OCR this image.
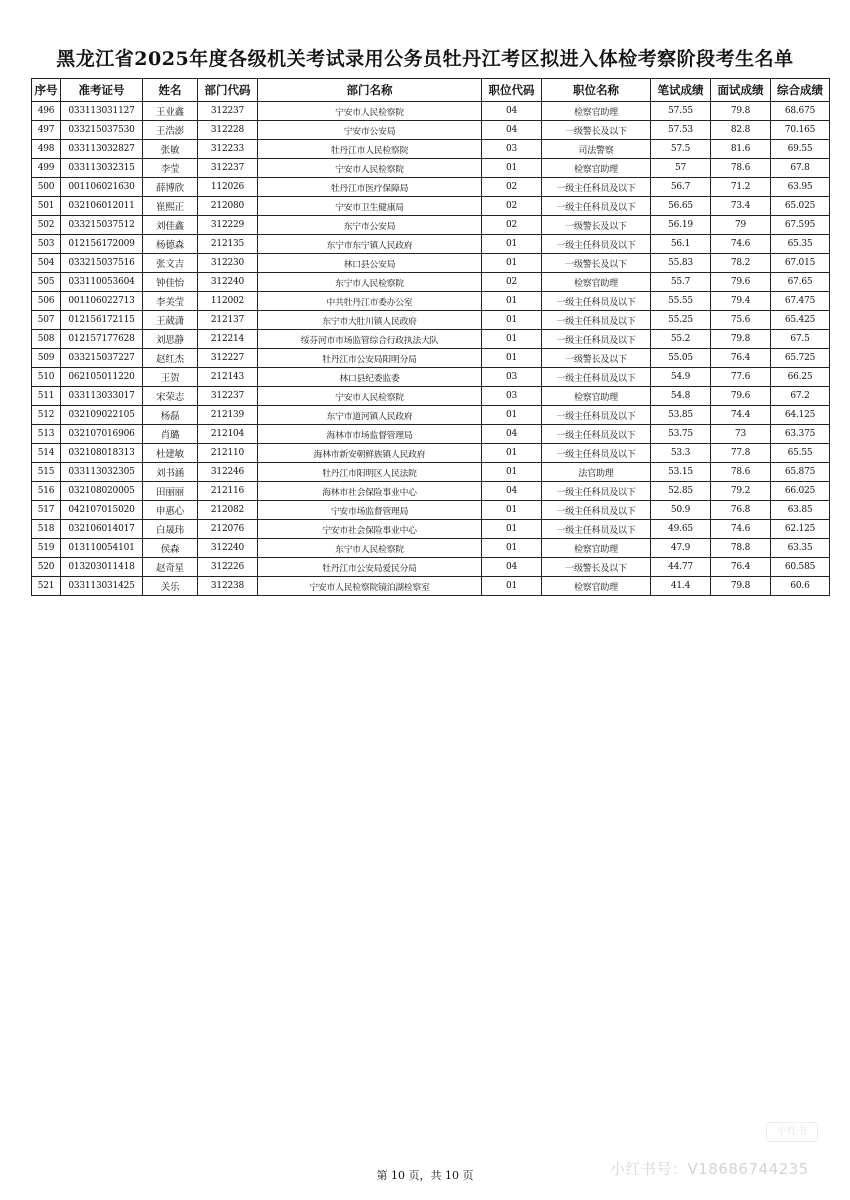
黑龙江省2025年度各级机关考试录用公务员牡丹江考区拟进入体检考察阶段考生名单
序号	准考证号	姓名	部门代码	部门名称	职位代码	职位名称	笔试成绩	面试成绩	综合成绩
496	033113031127	王业鑫	312237	宁安市人民检察院	04	检察官助理	57.55	79.8	68.675
497	033215037530	王浩澎	312228	宁安市公安局	04	一级警长及以下	57.53	82.8	70.165
498	033113032827	张敏	312233	牡丹江市人民检察院	03	司法警察	57.5	81.6	69.55
499	033113032315	李莹	312237	宁安市人民检察院	01	检察官助理	57	78.6	67.8
500	001106021630	薛博欣	112026	牡丹江市医疗保障局	02	一级主任科员及以下	56.7	71.2	63.95
501	032106012011	崔熙正	212080	宁安市卫生健康局	02	一级主任科员及以下	56.65	73.4	65.025
502	033215037512	刘佳鑫	312229	东宁市公安局	02	一级警长及以下	56.19	79	67.595
503	012156172009	杨德森	212135	东宁市东宁镇人民政府	01	一级主任科员及以下	56.1	74.6	65.35
504	033215037516	张文吉	312230	林口县公安局	01	一级警长及以下	55.83	78.2	67.015
505	033110053604	钟佳怡	312240	东宁市人民检察院	02	检察官助理	55.7	79.6	67.65
506	001106022713	李美莹	112002	中共牡丹江市委办公室	01	一级主任科员及以下	55.55	79.4	67.475
507	012156172115	王葳潇	212137	东宁市大肚川镇人民政府	01	一级主任科员及以下	55.25	75.6	65.425
508	012157177628	刘思静	212214	绥芬河市市场监管综合行政执法大队	01	一级主任科员及以下	55.2	79.8	67.5
509	033215037227	赵红杰	312227	牡丹江市公安局阳明分局	01	一级警长及以下	55.05	76.4	65.725
510	062105011220	王贺	212143	林口县纪委监委	03	一级主任科员及以下	54.9	77.6	66.25
511	033113033017	宋荣志	312237	宁安市人民检察院	03	检察官助理	54.8	79.6	67.2
512	032109022105	杨磊	212139	东宁市道河镇人民政府	01	一级主任科员及以下	53.85	74.4	64.125
513	032107016906	肖璐	212104	海林市市场监督管理局	04	一级主任科员及以下	53.75	73	63.375
514	032108018313	杜建敏	212110	海林市新安朝鲜族镇人民政府	01	一级主任科员及以下	53.3	77.8	65.55
515	033113032305	刘书涵	312246	牡丹江市阳明区人民法院	01	法官助理	53.15	78.6	65.875
516	032108020005	田丽丽	212116	海林市社会保险事业中心	04	一级主任科员及以下	52.85	79.2	66.025
517	042107015020	申惠心	212082	宁安市场监督管理局	01	一级主任科员及以下	50.9	76.8	63.85
518	032106014017	白晟玮	212076	宁安市社会保险事业中心	01	一级主任科员及以下	49.65	74.6	62.125
519	013110054101	侯森	312240	东宁市人民检察院	01	检察官助理	47.9	78.8	63.35
520	013203011418	赵奇星	312226	牡丹江市公安局爱民分局	04	一级警长及以下	44.77	76.4	60.585
521	033113031425	关乐	312238	宁安市人民检察院镜泊湖检察室	01	检察官助理	41.4	79.8	60.6
第 10 页，共 10 页
小红书
小红书号：V18686744235
